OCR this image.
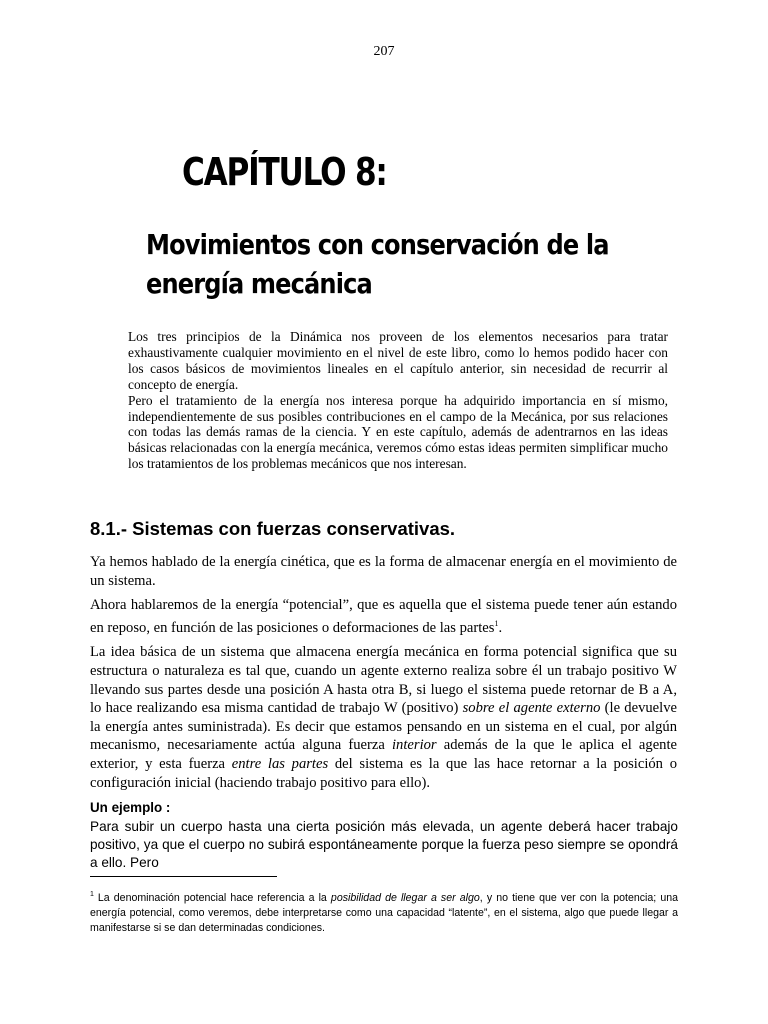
207
CAPÍTULO 8:
Movimientos con conservación de la energía mecánica

Los tres principios de la Dinámica nos proveen de los elementos necesarios para tratar exhaustivamente cualquier movimiento en el nivel de este libro, como lo hemos podido hacer con los casos básicos de movimientos lineales en el capítulo anterior, sin necesidad de recurrir al concepto de energía.

Pero el tratamiento de la energía nos interesa porque ha adquirido importancia en sí mismo, independientemente de sus posibles contribuciones en el campo de la Mecánica, por sus relaciones con todas las demás ramas de la ciencia. Y en este capítulo, además de adentrarnos en las ideas básicas relacionadas con la energía mecánica, veremos cómo estas ideas permiten simplificar mucho los tratamientos de los problemas mecánicos que nos interesan.

8.1.- Sistemas con fuerzas conservativas.

Ya hemos hablado de la energía cinética, que es la forma de almacenar energía en el movimiento de un sistema.

Ahora hablaremos de la energía “potencial”, que es aquella que el sistema puede tener aún estando en reposo, en función de las posiciones o deformaciones de las partes$^1$.

La idea básica de un sistema que almacena energía mecánica en forma potencial significa que su estructura o naturaleza es tal que, cuando un agente externo realiza sobre él un trabajo positivo W llevando sus partes desde una posición A hasta otra B, si luego el sistema puede retornar de B a A, lo hace realizando esa misma cantidad de trabajo W (positivo) sobre el agente externo (le devuelve la energía antes suministrada). Es decir que estamos pensando en un sistema en el cual, por algún mecanismo, necesariamente actúa alguna fuerza interior además de la que le aplica el agente exterior, y esta fuerza entre las partes del sistema es la que las hace retornar a la posición o configuración inicial (haciendo trabajo positivo para ello).

Un ejemplo :
Para subir un cuerpo hasta una cierta posición más elevada, un agente deberá hacer trabajo positivo, ya que el cuerpo no subirá espontáneamente porque la fuerza peso siempre se opondrá a ello. Pero
$^1$ La denominación potencial hace referencia a la posibilidad de llegar a ser algo, y no tiene que ver con la potencia; una energía potencial, como veremos, debe interpretarse como una capacidad “latente”, en el sistema, algo que puede llegar a manifestarse si se dan determinadas condiciones.
